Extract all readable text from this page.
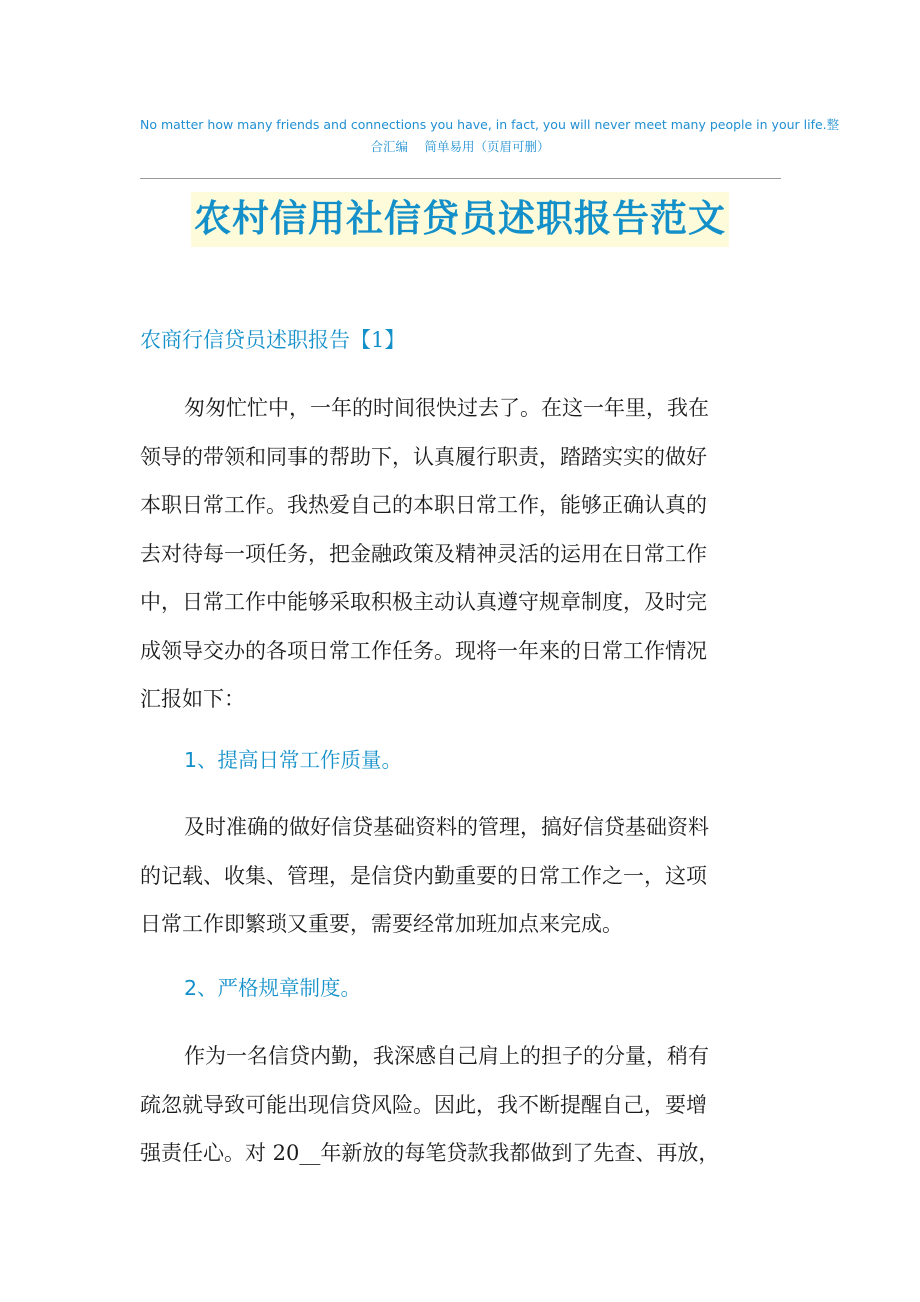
No matter how many friends and connections you have, in fact, you will never meet many people in your life.整
合汇编　 简单易用（页眉可删）
农村信用社信贷员述职报告范文
农商行信贷员述职报告【1】
匆匆忙忙中，一年的时间很快过去了。在这一年里，我在
领导的带领和同事的帮助下，认真履行职责，踏踏实实的做好
本职日常工作。我热爱自己的本职日常工作，能够正确认真的
去对待每一项任务，把金融政策及精神灵活的运用在日常工作
中，日常工作中能够采取积极主动认真遵守规章制度，及时完
成领导交办的各项日常工作任务。现将一年来的日常工作情况
汇报如下：
1、提高日常工作质量。
及时准确的做好信贷基础资料的管理，搞好信贷基础资料
的记载、收集、管理，是信贷内勤重要的日常工作之一，这项
日常工作即繁琐又重要，需要经常加班加点来完成。
2、严格规章制度。
作为一名信贷内勤，我深感自己肩上的担子的分量，稍有
疏忽就导致可能出现信贷风险。因此，我不断提醒自己，要增
强责任心。对 20__年新放的每笔贷款我都做到了先查、再放，
